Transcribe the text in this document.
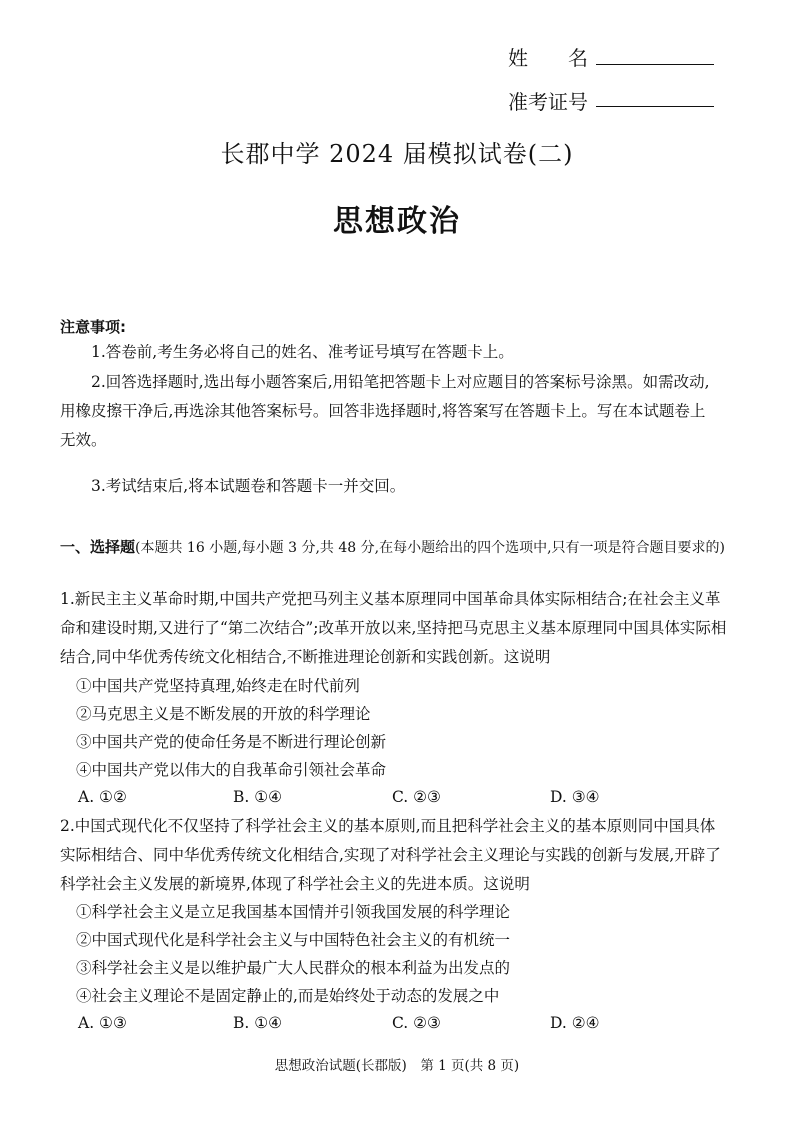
姓　　名
准考证号
长郡中学 2024 届模拟试卷(二)
思想政治
注意事项:
1.答卷前,考生务必将自己的姓名、准考证号填写在答题卡上。
2.回答选择题时,选出每小题答案后,用铅笔把答题卡上对应题目的答案标号涂黑。如需改动,用橡皮擦干净后,再选涂其他答案标号。回答非选择题时,将答案写在答题卡上。写在本试题卷上无效。
3.考试结束后,将本试题卷和答题卡一并交回。
一、选择题(本题共 16 小题,每小题 3 分,共 48 分,在每小题给出的四个选项中,只有一项是符合题目要求的)
1.新民主主义革命时期,中国共产党把马列主义基本原理同中国革命具体实际相结合;在社会主义革命和建设时期,又进行了“第二次结合”;改革开放以来,坚持把马克思主义基本原理同中国具体实际相结合,同中华优秀传统文化相结合,不断推进理论创新和实践创新。这说明
①中国共产党坚持真理,始终走在时代前列
②马克思主义是不断发展的开放的科学理论
③中国共产党的使命任务是不断进行理论创新
④中国共产党以伟大的自我革命引领社会革命
A. ①②	B. ①④	C. ②③	D. ③④
2.中国式现代化不仅坚持了科学社会主义的基本原则,而且把科学社会主义的基本原则同中国具体实际相结合、同中华优秀传统文化相结合,实现了对科学社会主义理论与实践的创新与发展,开辟了科学社会主义发展的新境界,体现了科学社会主义的先进本质。这说明
①科学社会主义是立足我国基本国情并引领我国发展的科学理论
②中国式现代化是科学社会主义与中国特色社会主义的有机统一
③科学社会主义是以维护最广大人民群众的根本利益为出发点的
④社会主义理论不是固定静止的,而是始终处于动态的发展之中
A. ①③	B. ①④	C. ②③	D. ②④
思想政治试题(长郡版)　第 1 页(共 8 页)
